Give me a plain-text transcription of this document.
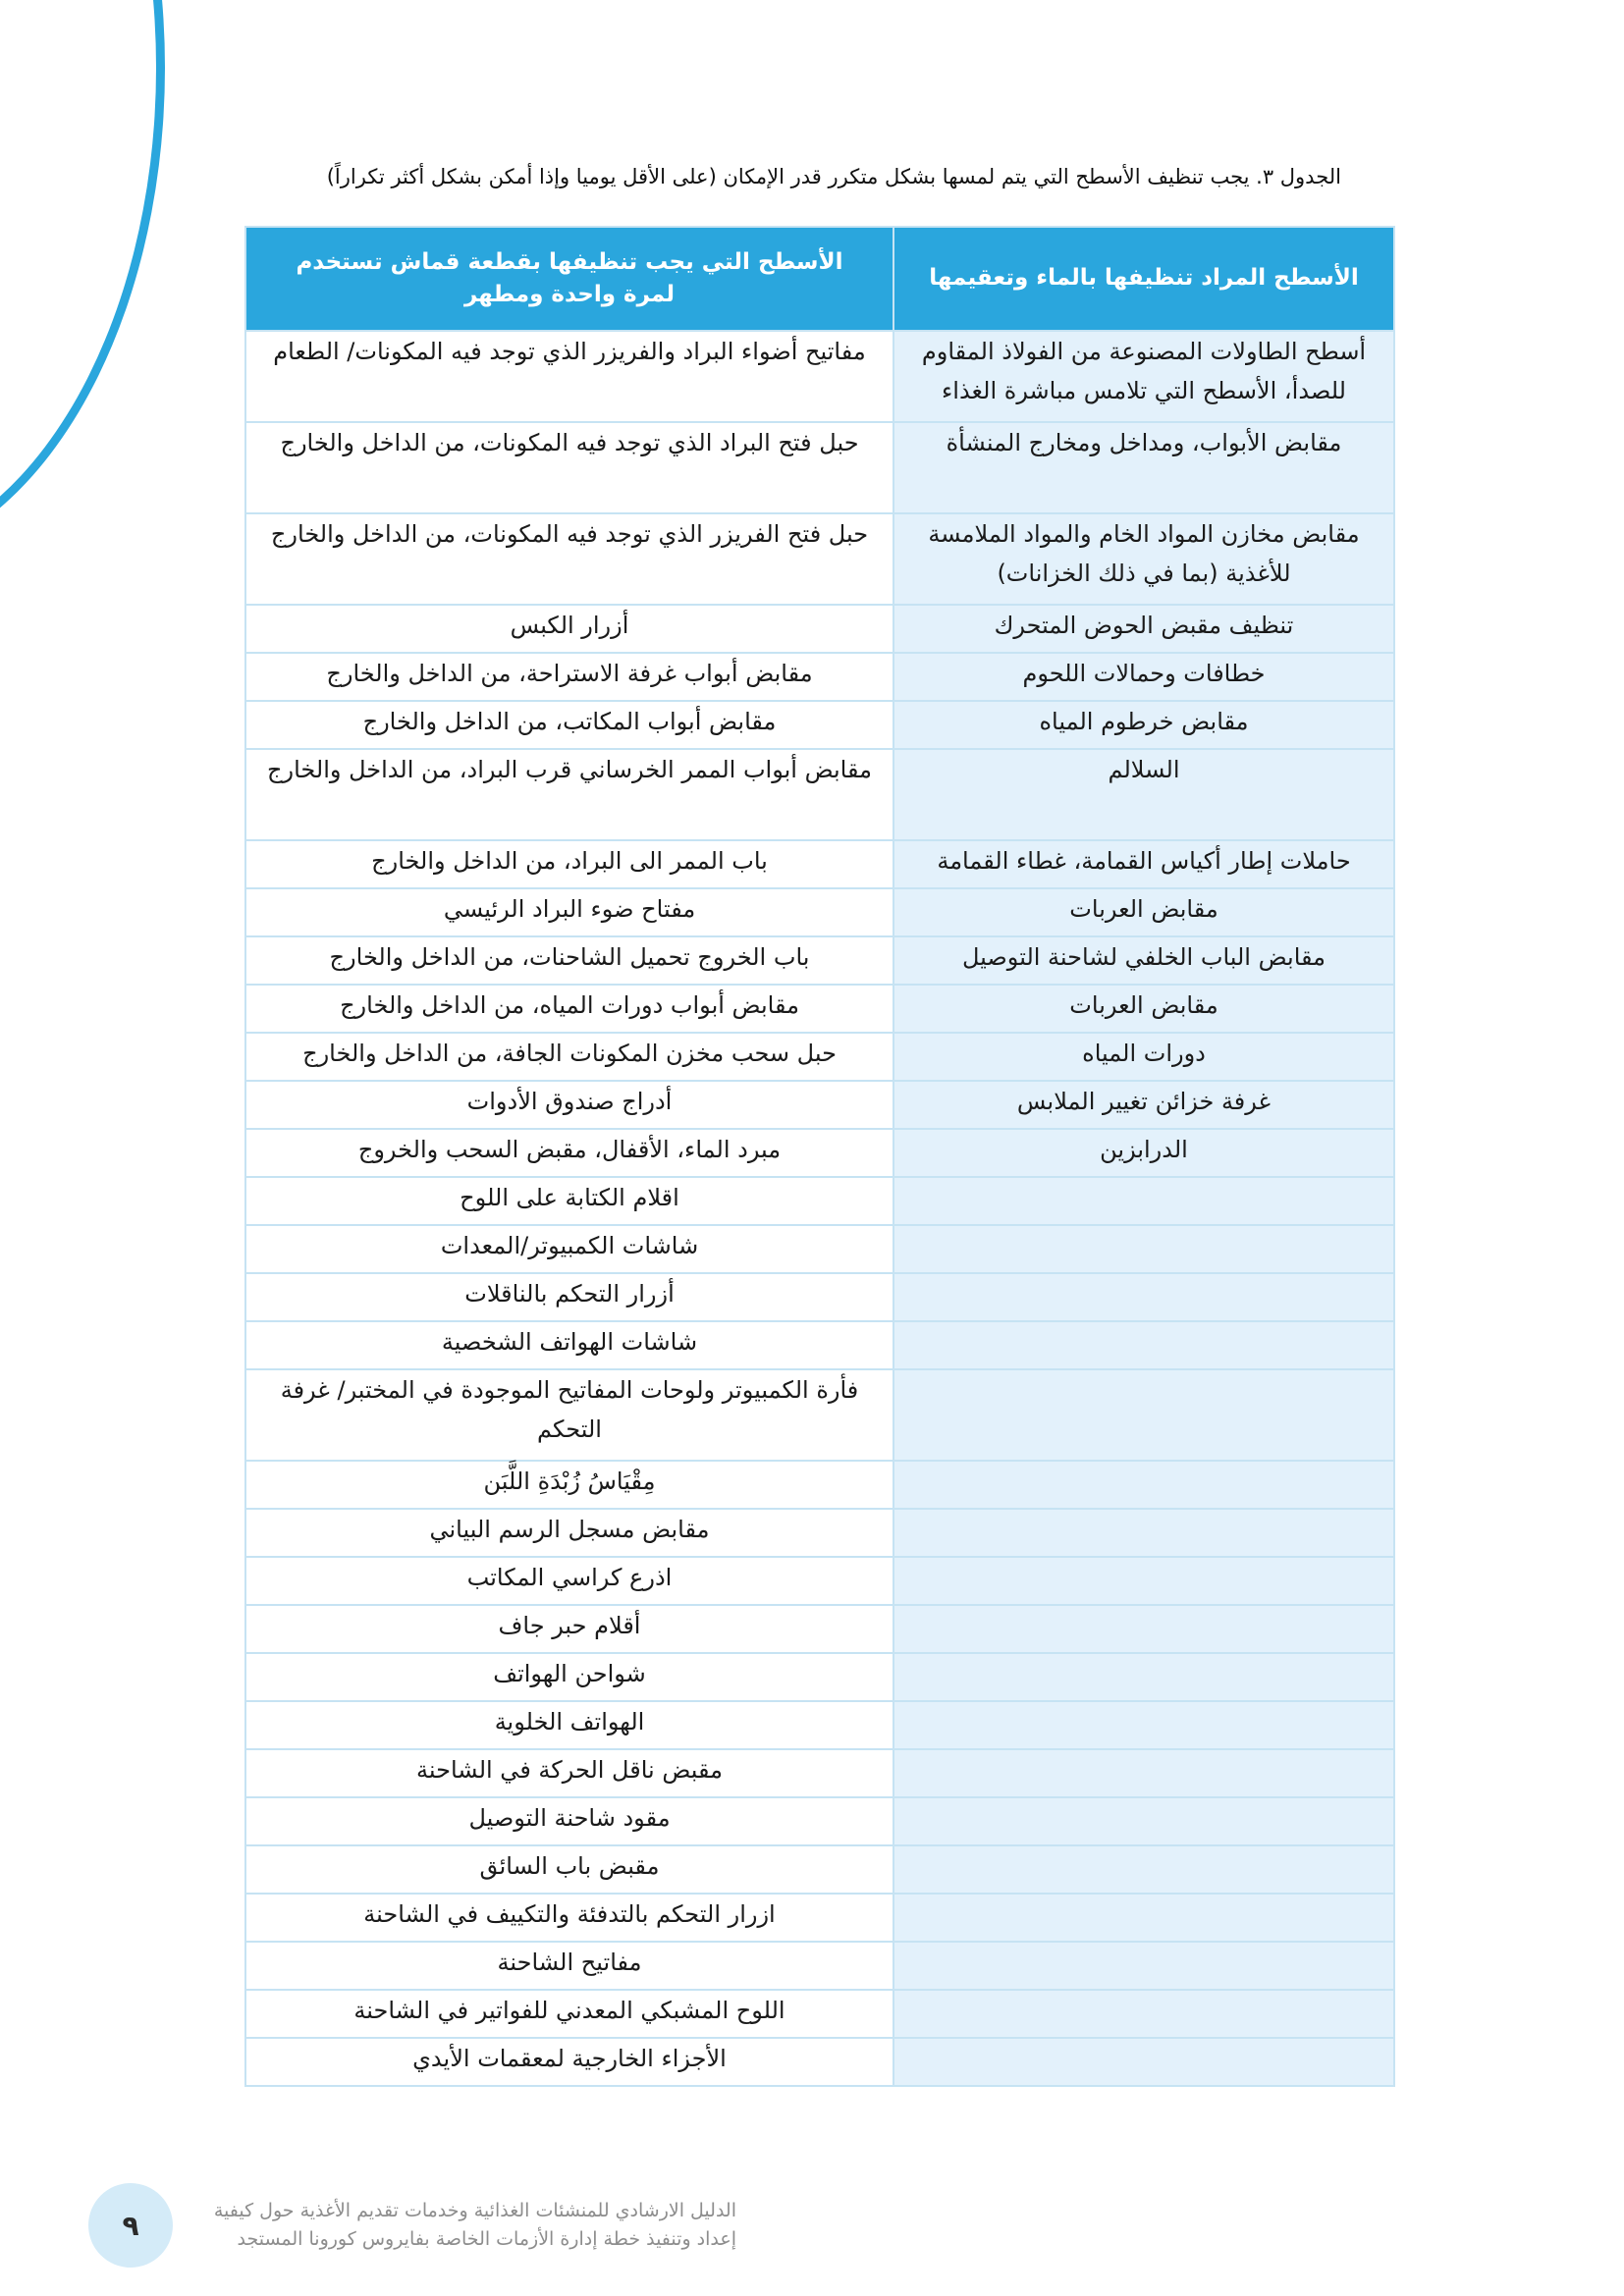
الجدول ٣. يجب تنظيف الأسطح التي يتم لمسها بشكل متكرر قدر الإمكان (على الأقل يوميا وإذا أمكن بشكل أكثر تكراراً)
الأسطح المراد تنظيفها بالماء وتعقيمها	الأسطح التي يجب تنظيفها بقطعة قماش تستخدم لمرة واحدة ومطهر
أسطح الطاولات المصنوعة من الفولاذ المقاوم للصدأ، الأسطح التي تلامس مباشرة الغذاء	مفاتيح أضواء البراد والفريزر الذي توجد فيه المكونات/ الطعام
مقابض الأبواب، ومداخل ومخارج المنشأة	حبل فتح البراد الذي توجد فيه المكونات، من الداخل والخارج
مقابض مخازن المواد الخام والمواد الملامسة للأغذية (بما في ذلك الخزانات)	حبل فتح الفريزر الذي توجد فيه المكونات، من الداخل والخارج
تنظيف مقبض الحوض المتحرك	أزرار الكبس
خطافات وحمالات اللحوم	مقابض أبواب غرفة الاستراحة، من الداخل والخارج
مقابض خرطوم المياه	مقابض أبواب المكاتب، من الداخل والخارج
السلالم	مقابض أبواب الممر الخرساني قرب البراد، من الداخل والخارج
حاملات إطار أكياس القمامة، غطاء القمامة	باب الممر الى البراد، من الداخل والخارج
مقابض العربات	مفتاح ضوء البراد الرئيسي
مقابض الباب الخلفي لشاحنة التوصيل	باب الخروج تحميل الشاحنات، من الداخل والخارج
مقابض العربات	مقابض أبواب دورات المياه، من الداخل والخارج
دورات المياه	حبل سحب مخزن المكونات الجافة، من الداخل والخارج
غرفة خزائن تغيير الملابس	أدراج صندوق الأدوات
الدرابزين	مبرد الماء، الأقفال، مقبض السحب والخروج
	اقلام الكتابة على اللوح
	شاشات الكمبيوتر/المعدات
	أزرار التحكم بالناقلات
	شاشات الهواتف الشخصية
	فأرة الكمبيوتر ولوحات المفاتيح الموجودة في المختبر/ غرفة التحكم
	مِقْيَاسُ زُبْدَةِ اللَّبَن
	مقابض مسجل الرسم البياني
	اذرع كراسي المكاتب
	أقلام حبر جاف
	شواحن الهواتف
	الهواتف الخلوية
	مقبض ناقل الحركة في الشاحنة
	مقود شاحنة التوصيل
	مقبض باب السائق
	ازرار التحكم بالتدفئة والتكييف في الشاحنة
	مفاتيح الشاحنة
	اللوح المشبكي المعدني للفواتير في الشاحنة
	الأجزاء الخارجية لمعقمات الأيدي
الدليل الارشادي للمنشئات الغذائية وخدمات تقديم الأغذية حول كيفية
إعداد وتنفيذ خطة إدارة الأزمات الخاصة بفايروس كورونا المستجد
٩
